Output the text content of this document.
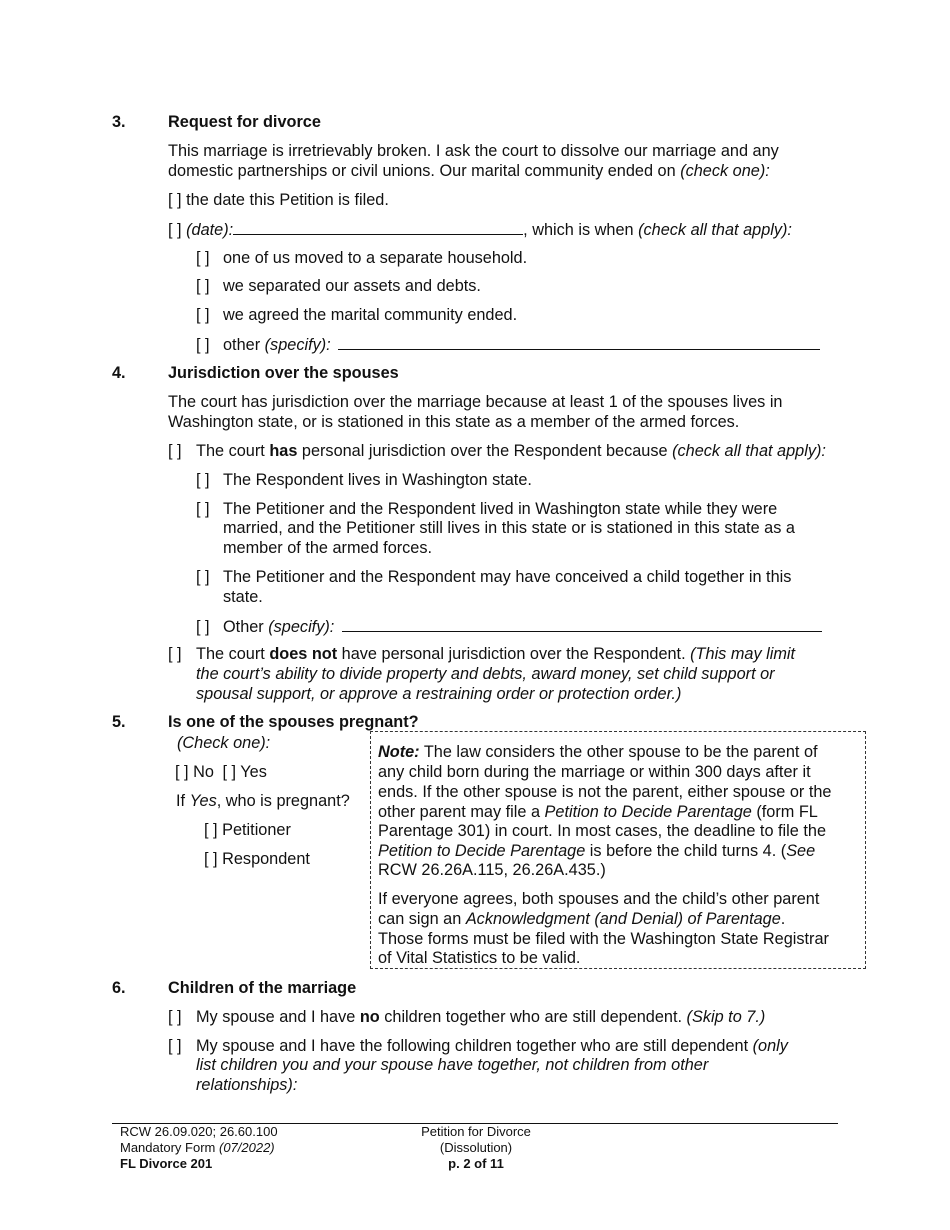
3.	Request for divorce
This marriage is irretrievably broken. I ask the court to dissolve our marriage and any
domestic partnerships or civil unions. Our marital community ended on (check one):
[ ] the date this Petition is filed.
[ ] (date):	, which is when (check all that apply):
[ ] one of us moved to a separate household.
[ ] we separated our assets and debts.
[ ] we agreed the marital community ended.
[ ] other (specify):
4.	Jurisdiction over the spouses
The court has jurisdiction over the marriage because at least 1 of the spouses lives in
Washington state, or is stationed in this state as a member of the armed forces.
[ ] The court has personal jurisdiction over the Respondent because (check all that apply):
[ ] The Respondent lives in Washington state.
[ ] The Petitioner and the Respondent lived in Washington state while they were
married, and the Petitioner still lives in this state or is stationed in this state as a
member of the armed forces.
[ ] The Petitioner and the Respondent may have conceived a child together in this
state.
[ ] Other (specify):
[ ] The court does not have personal jurisdiction over the Respondent. (This may limit
the court’s ability to divide property and debts, award money, set child support or
spousal support, or approve a restraining order or protection order.)
5.	Is one of the spouses pregnant?
(Check one):
[ ] No [ ] Yes
If Yes, who is pregnant?
[ ] Petitioner
[ ] Respondent
Note: The law considers the other spouse to be the parent of
any child born during the marriage or within 300 days after it
ends. If the other spouse is not the parent, either spouse or the
other parent may file a Petition to Decide Parentage (form FL
Parentage 301) in court. In most cases, the deadline to file the
Petition to Decide Parentage is before the child turns 4. (See
RCW 26.26A.115, 26.26A.435.)
If everyone agrees, both spouses and the child’s other parent
can sign an Acknowledgment (and Denial) of Parentage.
Those forms must be filed with the Washington State Registrar
of Vital Statistics to be valid.
6.	Children of the marriage
[ ] My spouse and I have no children together who are still dependent. (Skip to 7.)
[ ] My spouse and I have the following children together who are still dependent (only
list children you and your spouse have together, not children from other
relationships):
RCW 26.09.020; 26.60.100
Mandatory Form (07/2022)
FL Divorce 201
Petition for Divorce
(Dissolution)
p. 2 of 11
